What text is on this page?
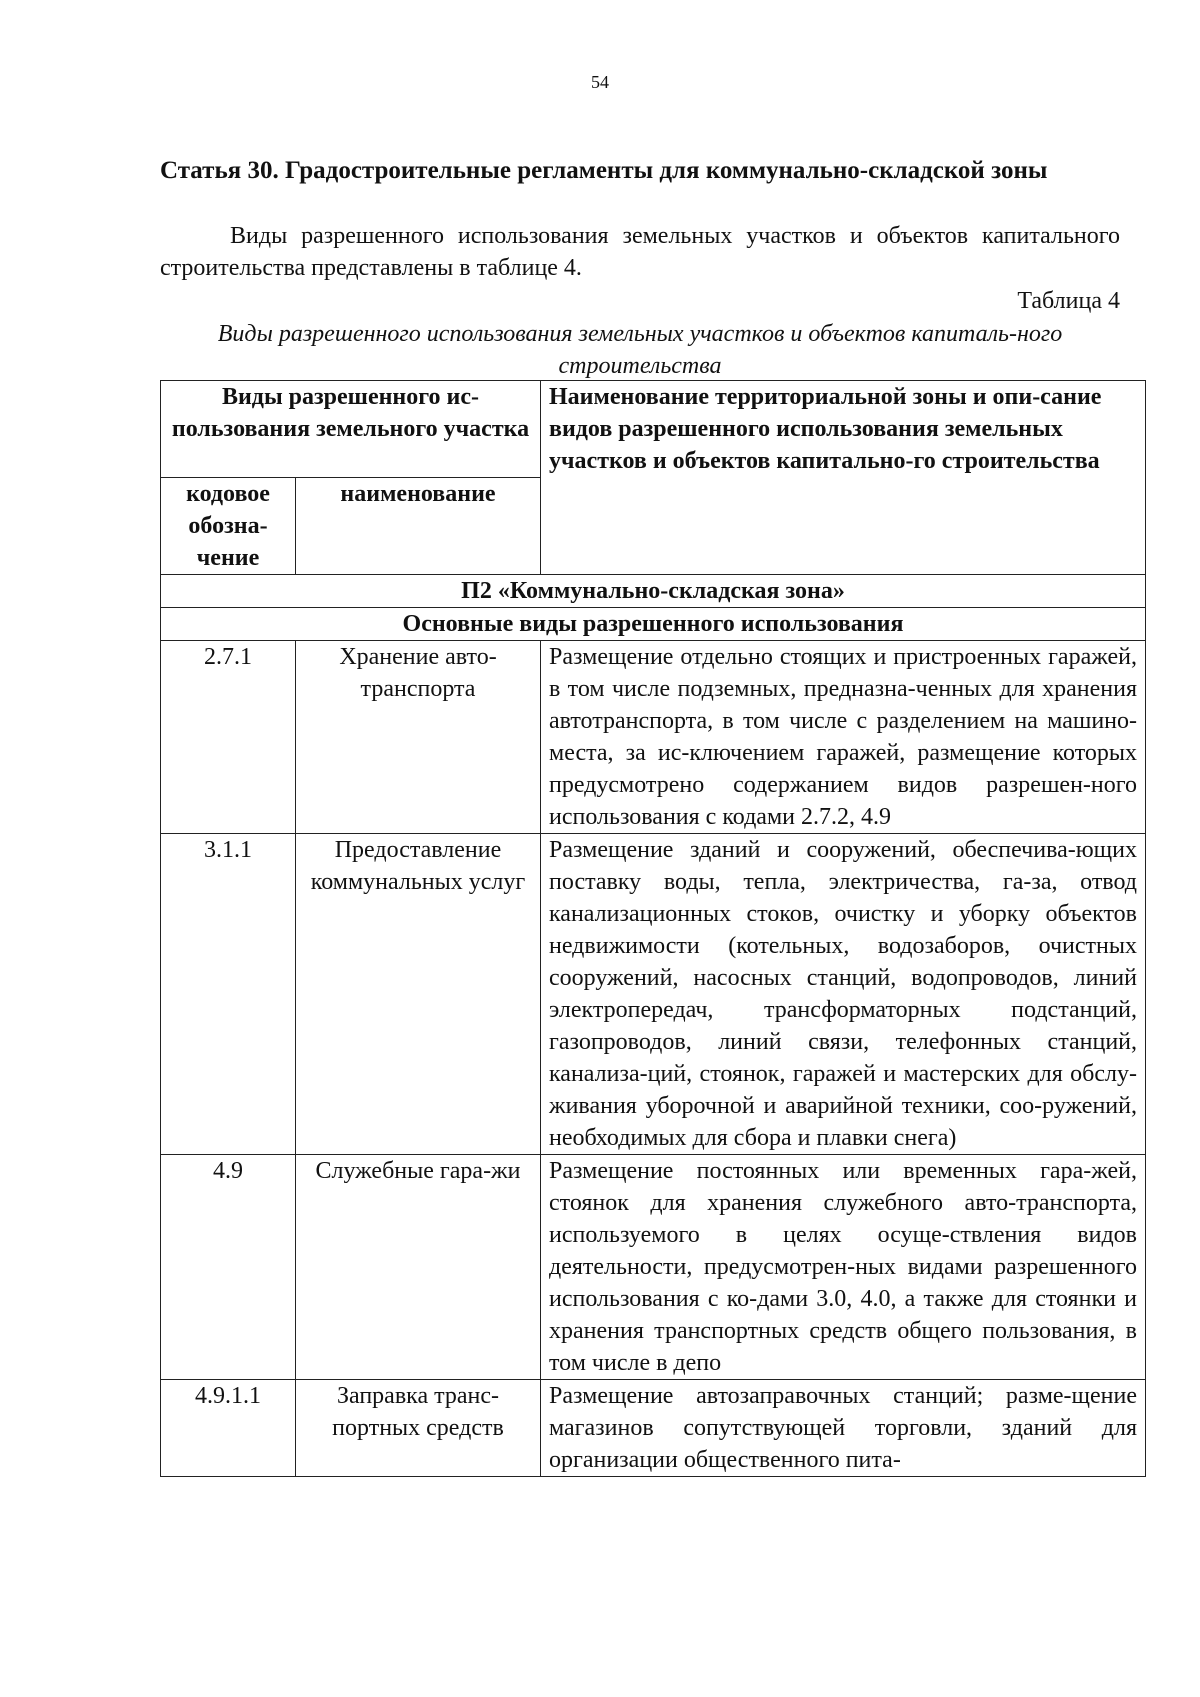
54
Статья 30. Градостроительные регламенты для коммунально-складской зоны

Виды разрешенного использования земельных участков и объектов капитального строительства представлены в таблице 4.

Таблица 4
Виды разрешенного использования земельных участков и объектов капиталь-ного строительства
Виды разрешенного ис-пользования земельного участка		Наименование территориальной зоны и опи-сание видов разрешенного использования земельных участков и объектов капитально-го строительства
кодовое обозна-чение	наименование	
П2 «Коммунально-складская зона»		
Основные виды разрешенного использования		
2.7.1	Хранение авто-транспорта	Размещение отдельно стоящих и пристроенных гаражей, в том числе подземных, предназна-ченных для хранения автотранспорта, в том числе с разделением на машино-места, за ис-ключением гаражей, размещение которых предусмотрено содержанием видов разрешен-ного использования с кодами 2.7.2, 4.9
3.1.1	Предоставление коммунальных услуг	Размещение зданий и сооружений, обеспечива-ющих поставку воды, тепла, электричества, га-за, отвод канализационных стоков, очистку и уборку объектов недвижимости (котельных, водозаборов, очистных сооружений, насосных станций, водопроводов, линий электропередач, трансформаторных подстанций, газопроводов, линий связи, телефонных станций, канализа-ций, стоянок, гаражей и мастерских для обслу-живания уборочной и аварийной техники, соо-ружений, необходимых для сбора и плавки снега)
4.9	Служебные гара-жи	Размещение постоянных или временных гара-жей, стоянок для хранения служебного авто-транспорта, используемого в целях осуще-ствления видов деятельности, предусмотрен-ных видами разрешенного использования с ко-дами 3.0, 4.0, а также для стоянки и хранения транспортных средств общего пользования, в том числе в депо
4.9.1.1	Заправка транс-портных средств	Размещение автозаправочных станций; разме-щение магазинов сопутствующей торговли, зданий для организации общественного пита-
